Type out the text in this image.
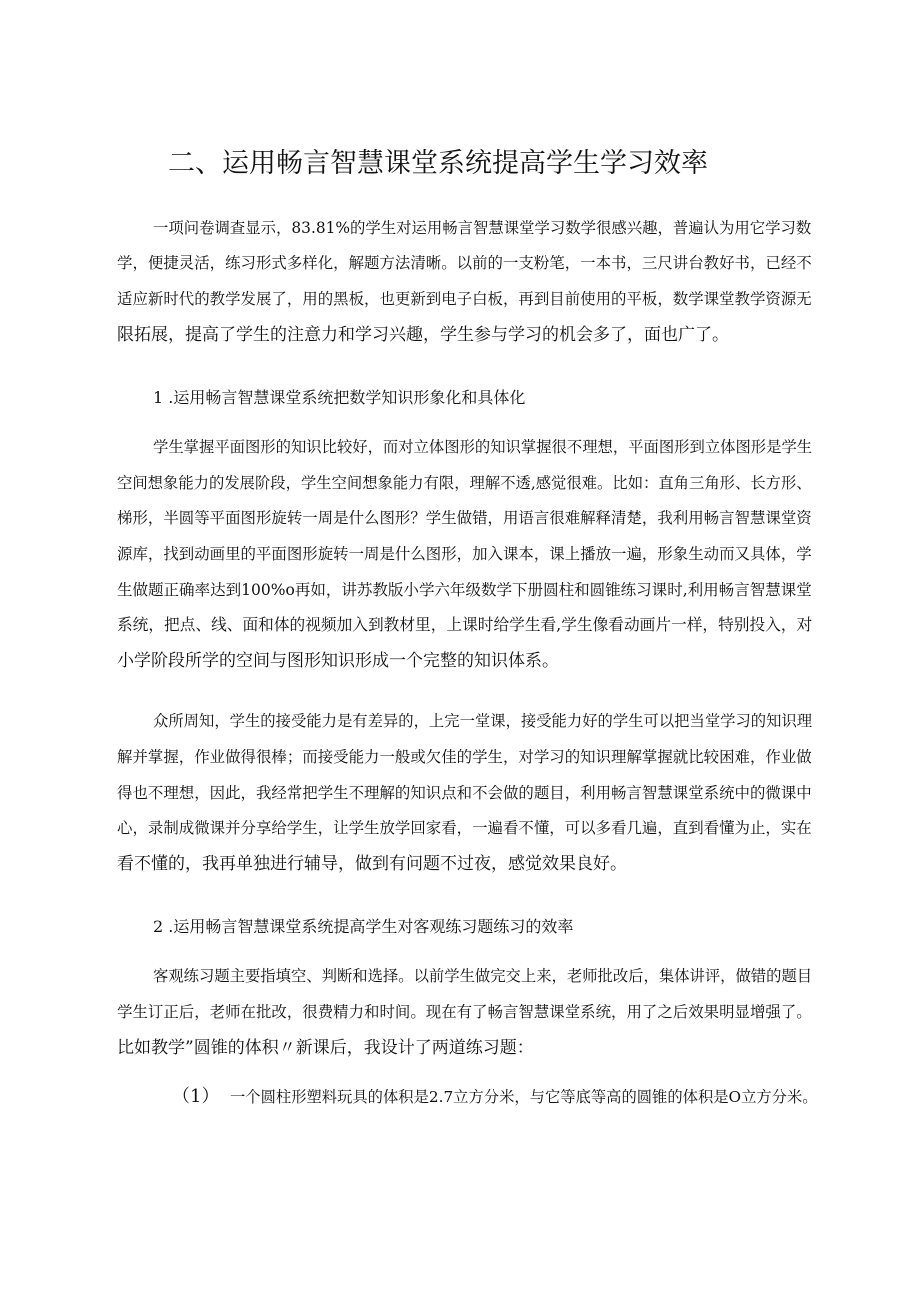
二、运用畅言智慧课堂系统提高学生学习效率

一项问卷调查显示，83.81%的学生对运用畅言智慧课堂学习数学很感兴趣，普遍认为用它学习数

学，便捷灵活，练习形式多样化，解题方法清晰。以前的一支粉笔，一本书，三尺讲台教好书，已经不

适应新时代的教学发展了，用的黑板，也更新到电子白板，再到目前使用的平板，数学课堂教学资源无

限拓展，提高了学生的注意力和学习兴趣，学生参与学习的机会多了，面也广了。

1 .运用畅言智慧课堂系统把数学知识形象化和具体化

学生掌握平面图形的知识比较好，而对立体图形的知识掌握很不理想，平面图形到立体图形是学生

空间想象能力的发展阶段，学生空间想象能力有限，理解不透,感觉很难。比如：直角三角形、长方形、

梯形，半圆等平面图形旋转一周是什么图形？学生做错，用语言很难解释清楚，我利用畅言智慧课堂资

源库，找到动画里的平面图形旋转一周是什么图形，加入课本，课上播放一遍，形象生动而又具体，学

生做题正确率达到100%o再如，讲苏教版小学六年级数学下册圆柱和圆锥练习课时,利用畅言智慧课堂

系统，把点、线、面和体的视频加入到教材里，上课时给学生看,学生像看动画片一样，特别投入，对

小学阶段所学的空间与图形知识形成一个完整的知识体系。

众所周知，学生的接受能力是有差异的，上完一堂课，接受能力好的学生可以把当堂学习的知识理

解并掌握，作业做得很棒；而接受能力一般或欠佳的学生，对学习的知识理解掌握就比较困难，作业做

得也不理想，因此，我经常把学生不理解的知识点和不会做的题目，利用畅言智慧课堂系统中的微课中

心，录制成微课并分享给学生，让学生放学回家看，一遍看不懂，可以多看几遍，直到看懂为止，实在

看不懂的，我再单独进行辅导，做到有问题不过夜，感觉效果良好。

2 .运用畅言智慧课堂系统提高学生对客观练习题练习的效率

客观练习题主要指填空、判断和选择。以前学生做完交上来，老师批改后，集体讲评，做错的题目

学生订正后，老师在批改，很费精力和时间。现在有了畅言智慧课堂系统，用了之后效果明显增强了。

比如教学”圆锥的体积〃新课后，我设计了两道练习题：

（1） 一个圆柱形塑料玩具的体积是2.7立方分米，与它等底等高的圆锥的体积是O立方分米。
